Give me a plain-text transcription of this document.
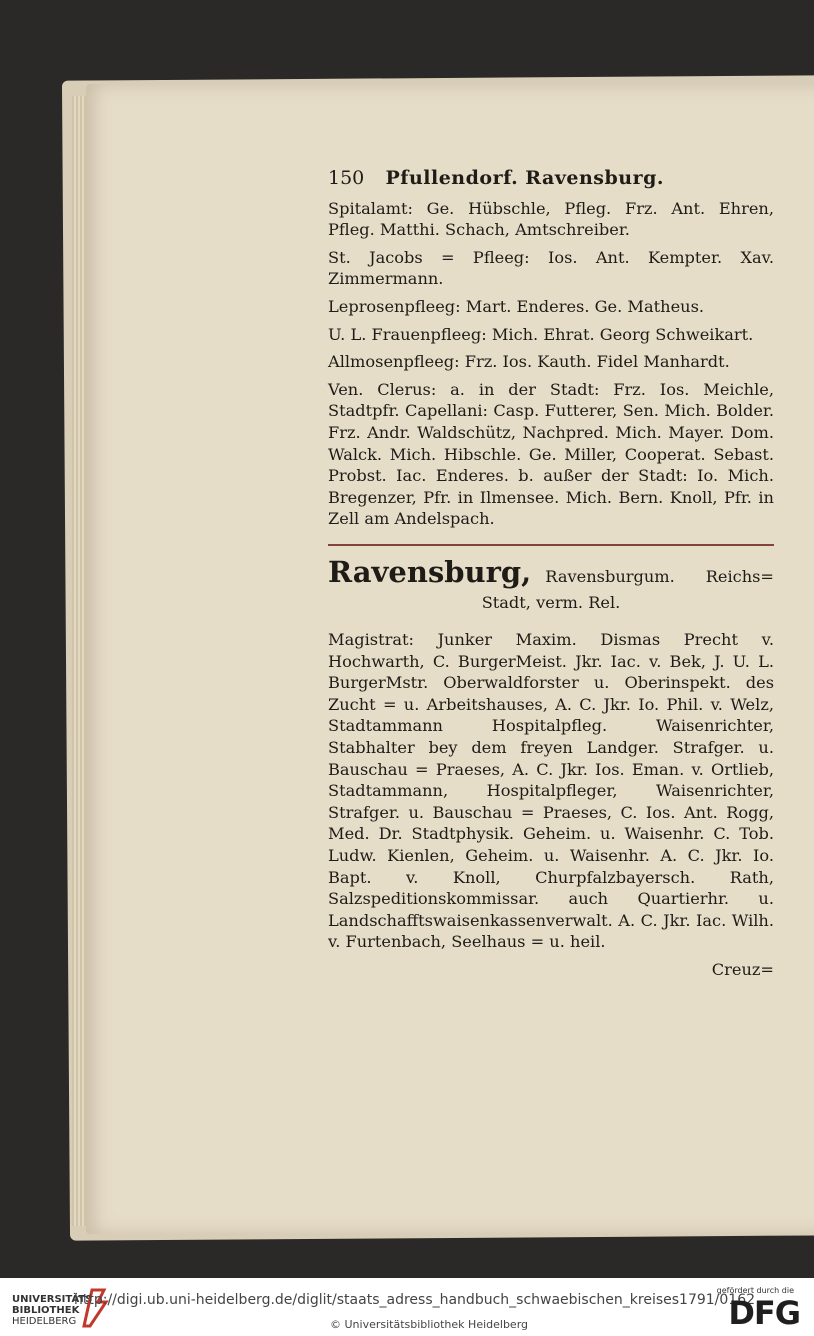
150 Pfullendorf. Ravensburg.

Spitalamt: Ge. Hübschle, Pfleg. Frz. Ant. Ehren, Pfleg. Matthi. Schach, Amtschreiber.

St. Jacobs = Pfleeg: Ios. Ant. Kempter. Xav. Zimmermann.

Leprosenpfleeg: Mart. Enderes. Ge. Matheus.

U. L. Frauenpfleeg: Mich. Ehrat. Georg Schweikart.

Allmosenpfleeg: Frz. Ios. Kauth. Fidel Manhardt.

Ven. Clerus: a. in der Stadt: Frz. Ios. Meichle, Stadtpfr. Capellani: Casp. Futterer, Sen. Mich. Bolder. Frz. Andr. Waldschütz, Nachpred. Mich. Mayer. Dom. Walck. Mich. Hibschle. Ge. Miller, Cooperat. Sebast. Probst. Iac. Enderes. b. außer der Stadt: Io. Mich. Bregenzer, Pfr. in Ilmensee. Mich. Bern. Knoll, Pfr. in Zell am Andelspach.

Ravensburg, Ravensburgum. Reichs=
Stadt, verm. Rel.

Magistrat: Junker Maxim. Dismas Precht v. Hochwarth, C. BurgerMeist. Jkr. Iac. v. Bek, J. U. L. BurgerMstr. Oberwaldforster u. Oberinspekt. des Zucht = u. Arbeitshauses, A. C. Jkr. Io. Phil. v. Welz, Stadtammann Hospitalpfleg. Waisenrichter, Stabhalter bey dem freyen Landger. Strafger. u. Bauschau = Praeses, A. C. Jkr. Ios. Eman. v. Ortlieb, Stadtammann, Hospitalpfleger, Waisenrichter, Strafger. u. Bauschau = Praeses, C. Ios. Ant. Rogg, Med. Dr. Stadtphysik. Geheim. u. Waisenhr. C. Tob. Ludw. Kienlen, Geheim. u. Waisenhr. A. C. Jkr. Io. Bapt. v. Knoll, Churpfalzbayersch. Rath, Salzspeditionskommissar. auch Quartierhr. u. Landschafftswaisenkassenverwalt. A. C. Jkr. Iac. Wilh. v. Furtenbach, Seelhaus = u. heil.

Creuz=
UNIVERSITÄTS
BIBLIOTHEK
HEIDELBERG
http://digi.ub.uni-heidelberg.de/diglit/staats_adress_handbuch_schwaebischen_kreises1791/0162
© Universitätsbibliothek Heidelberg
gefördert durch die
DFG
